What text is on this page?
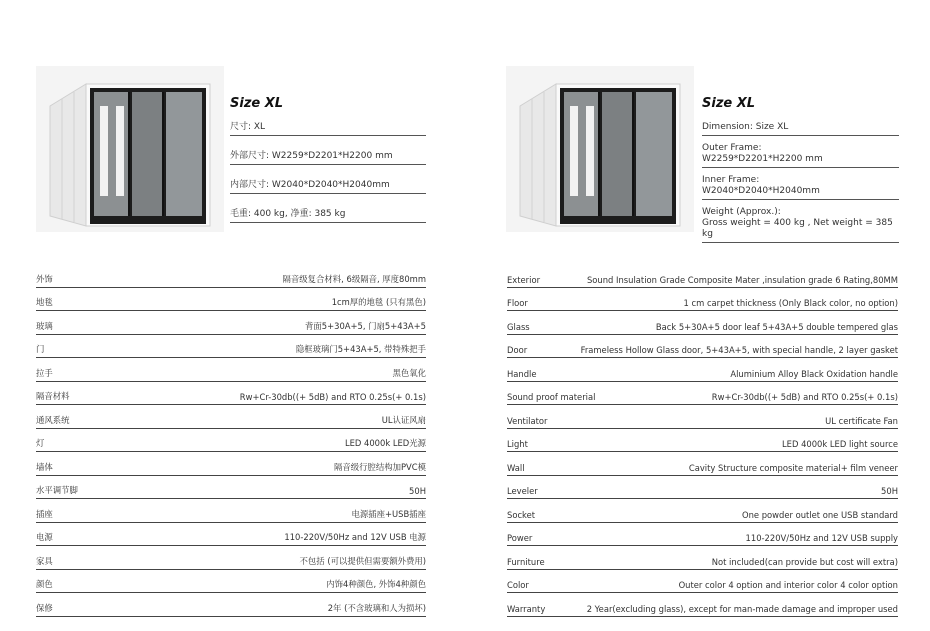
Size XL
尺寸: XL
外部尺寸: W2259*D2201*H2200 mm
内部尺寸: W2040*D2040*H2040mm
毛重: 400 kg, 净重: 385 kg
外饰	隔音级复合材料, 6级隔音, 厚度80mm
地毯	1cm厚的地毯 (只有黑色)
玻璃	背面5+30A+5, 门扇5+43A+5
门	隐框玻璃门5+43A+5, 带特殊把手
拉手	黑色氧化
隔音材料	Rw+Cr-30db((+ 5dB) and RTO 0.25s(+ 0.1s)
通风系统	UL认证风扇
灯	LED 4000k LED光源
墙体	隔音级行腔结构加PVC模
水平调节脚	50H
插座	电源插座+USB插座
电源	110-220V/50Hz and 12V USB 电源
家具	不包括 (可以提供但需要额外费用)
颜色	内饰4种颜色, 外饰4种颜色
保修	2年 (不含玻璃和人为损坏)
Size XL
Dimension: Size XL
Outer Frame:
W2259*D2201*H2200 mm
Inner Frame:
W2040*D2040*H2040mm
Weight (Approx.):
Gross weight = 400 kg , Net weight = 385 kg
Exterior	Sound Insulation Grade Composite Mater ,insulation grade 6 Rating,80MM
Floor	1 cm carpet thickness (Only Black color, no option)
Glass	Back 5+30A+5 door leaf 5+43A+5 double tempered glas
Door	Frameless Hollow Glass door, 5+43A+5, with special handle, 2 layer gasket
Handle	Aluminium Alloy Black Oxidation handle
Sound proof material	Rw+Cr-30db((+ 5dB) and RTO 0.25s(+ 0.1s)
Ventilator	UL certificate Fan
Light	LED 4000k LED light source
Wall	Cavity Structure composite material+ film veneer
Leveler	50H
Socket	One powder outlet one USB standard
Power	110-220V/50Hz and 12V USB supply
Furniture	Not included(can provide but cost will extra)
Color	Outer color 4 option and interior color 4 color option
Warranty	2 Year(excluding glass), except for man-made damage and improper used
